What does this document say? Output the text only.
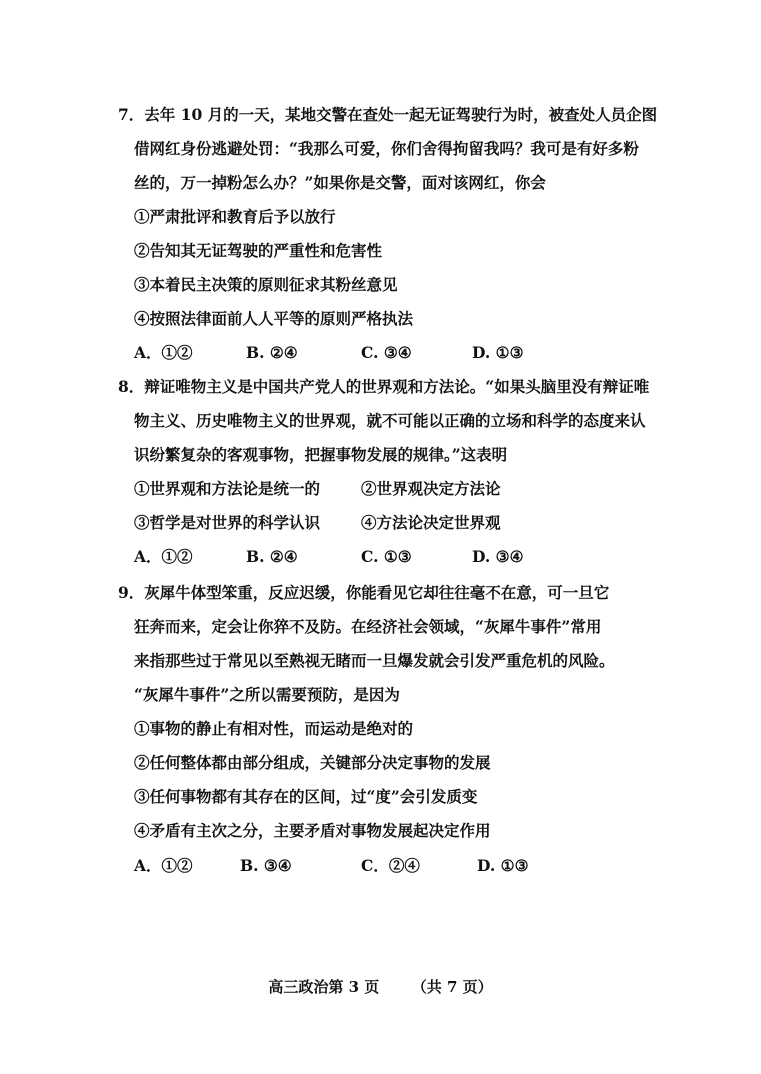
7．去年 10 月的一天，某地交警在查处一起无证驾驶行为时，被查处人员企图
借网红身份逃避处罚：“我那么可爱，你们舍得拘留我吗？我可是有好多粉
丝的，万一掉粉怎么办？”如果你是交警，面对该网红，你会
①严肃批评和教育后予以放行
②告知其无证驾驶的严重性和危害性
③本着民主决策的原则征求其粉丝意见
④按照法律面前人人平等的原则严格执法
A．①②	B. ②④	C. ③④	D. ①③
8．辩证唯物主义是中国共产党人的世界观和方法论。“如果头脑里没有辩证唯
物主义、历史唯物主义的世界观，就不可能以正确的立场和科学的态度来认
识纷繁复杂的客观事物，把握事物发展的规律。”这表明
①世界观和方法论是统一的	②世界观决定方法论
③哲学是对世界的科学认识	④方法论决定世界观
A．①②	B. ②④	C. ①③	D. ③④
9．灰犀牛体型笨重，反应迟缓，你能看见它却往往毫不在意，可一旦它
狂奔而来，定会让你猝不及防。在经济社会领域，“灰犀牛事件”常用
来指那些过于常见以至熟视无睹而一旦爆发就会引发严重危机的风险。
“灰犀牛事件”之所以需要预防，是因为
①事物的静止有相对性，而运动是绝对的
②任何整体都由部分组成，关键部分决定事物的发展
③任何事物都有其存在的区间，过“度”会引发质变
④矛盾有主次之分，主要矛盾对事物发展起决定作用
A．①②	B. ③④	C．②④	D. ①③
高三政治第 3 页 （共 7 页）
